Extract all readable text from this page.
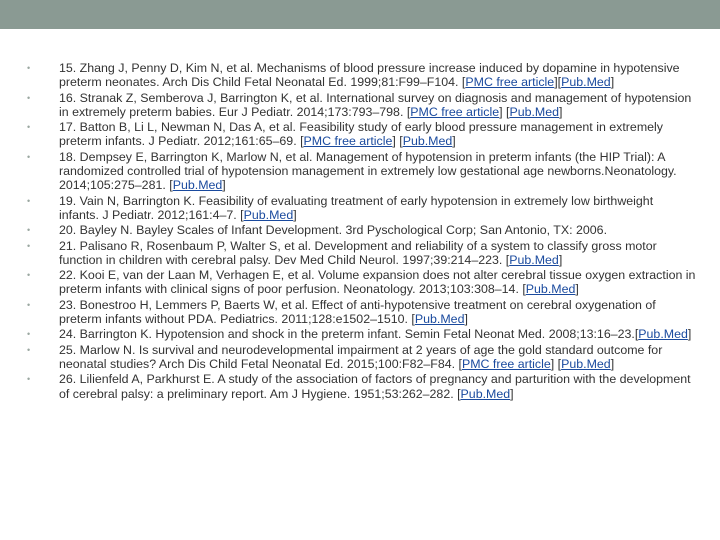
• 15. Zhang J, Penny D, Kim N, et al. Mechanisms of blood pressure increase induced by dopamine in hypotensive preterm neonates. Arch Dis Child Fetal Neonatal Ed. 1999;81:F99–F104. [PMC free article][Pub.Med]
• 16. Stranak Z, Semberova J, Barrington K, et al. International survey on diagnosis and management of hypotension in extremely preterm babies. Eur J Pediatr. 2014;173:793–798. [PMC free article] [Pub.Med]
• 17. Batton B, Li L, Newman N, Das A, et al. Feasibility study of early blood pressure management in extremely preterm infants. J Pediatr. 2012;161:65–69. [PMC free article] [Pub.Med]
• 18. Dempsey E, Barrington K, Marlow N, et al. Management of hypotension in preterm infants (the HIP Trial): A randomized controlled trial of hypotension management in extremely low gestational age newborns.Neonatology. 2014;105:275–281. [Pub.Med]
• 19. Vain N, Barrington K. Feasibility of evaluating treatment of early hypotension in extremely low birthweight infants. J Pediatr. 2012;161:4–7. [Pub.Med]
• 20. Bayley N. Bayley Scales of Infant Development. 3rd Pyschological Corp; San Antonio, TX: 2006.
• 21. Palisano R, Rosenbaum P, Walter S, et al. Development and reliability of a system to classify gross motor function in children with cerebral palsy. Dev Med Child Neurol. 1997;39:214–223. [Pub.Med]
• 22. Kooi E, van der Laan M, Verhagen E, et al. Volume expansion does not alter cerebral tissue oxygen extraction in preterm infants with clinical signs of poor perfusion. Neonatology. 2013;103:308–14. [Pub.Med]
• 23. Bonestroo H, Lemmers P, Baerts W, et al. Effect of anti-hypotensive treatment on cerebral oxygenation of preterm infants without PDA. Pediatrics. 2011;128:e1502–1510. [Pub.Med]
• 24. Barrington K. Hypotension and shock in the preterm infant. Semin Fetal Neonat Med. 2008;13:16–23.[Pub.Med]
• 25. Marlow N. Is survival and neurodevelopmental impairment at 2 years of age the gold standard outcome for neonatal studies? Arch Dis Child Fetal Neonatal Ed. 2015;100:F82–F84. [PMC free article] [Pub.Med]
• 26. Lilienfeld A, Parkhurst E. A study of the association of factors of pregnancy and parturition with the development of cerebral palsy: a preliminary report. Am J Hygiene. 1951;53:262–282. [Pub.Med]
